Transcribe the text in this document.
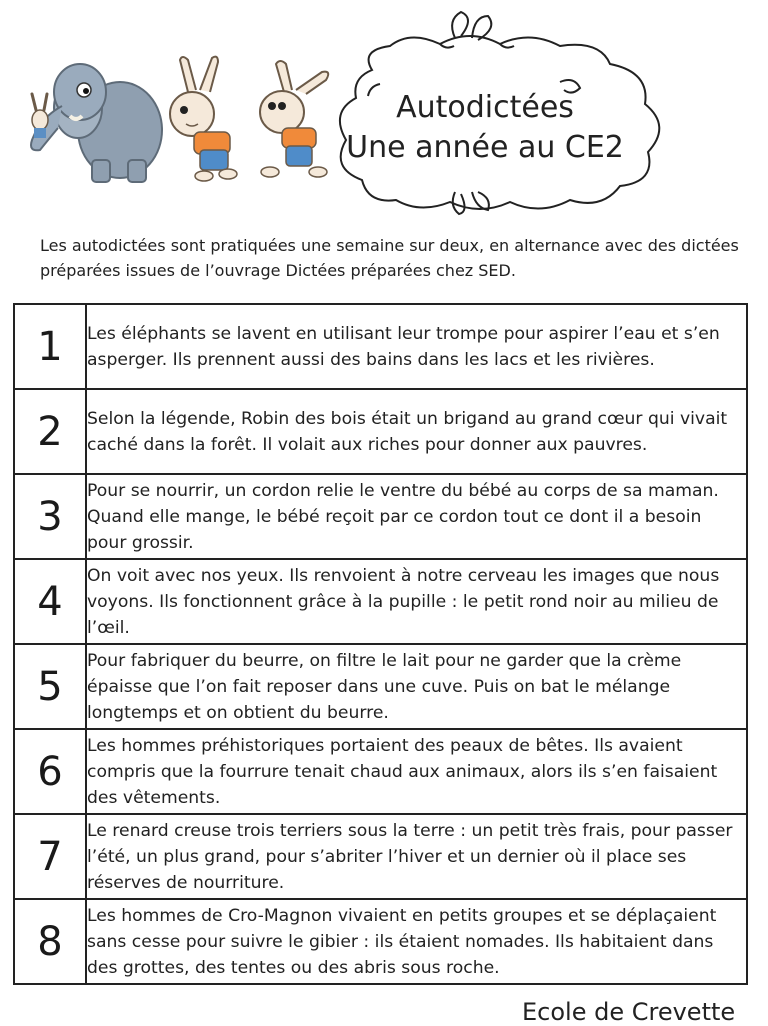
Autodictées
Une année au CE2
Les autodictées sont pratiquées une semaine sur deux, en alternance avec des dictées préparées issues de l’ouvrage Dictées préparées chez SED.
1	Les éléphants se lavent en utilisant leur trompe pour aspirer l’eau et s’en asperger. Ils prennent aussi des bains dans les lacs et les rivières.
2	Selon la légende, Robin des bois était un brigand au grand cœur qui vivait caché dans la forêt. Il volait aux riches pour donner aux pauvres.
3	Pour se nourrir, un cordon relie le ventre du bébé au corps de sa maman. Quand elle mange, le bébé reçoit par ce cordon tout ce dont il a besoin pour grossir.
4	On voit avec nos yeux. Ils renvoient à notre cerveau les images que nous voyons. Ils fonctionnent grâce à la pupille : le petit rond noir au milieu de l’œil.
5	Pour fabriquer du beurre, on filtre le lait pour ne garder que la crème épaisse que l’on fait reposer dans une cuve. Puis on bat le mélange longtemps et on obtient du beurre.
6	Les hommes préhistoriques portaient des peaux de bêtes. Ils avaient compris que la fourrure tenait chaud aux animaux, alors ils s’en faisaient des vêtements.
7	Le renard creuse trois terriers sous la terre : un petit très frais, pour passer l’été, un plus grand, pour s’abriter l’hiver et un dernier où il place ses réserves de nourriture.
8	Les hommes de Cro-Magnon vivaient en petits groupes et se déplaçaient sans cesse pour suivre le gibier : ils étaient nomades. Ils habitaient dans des grottes, des tentes ou des abris sous roche.
Ecole de Crevette
